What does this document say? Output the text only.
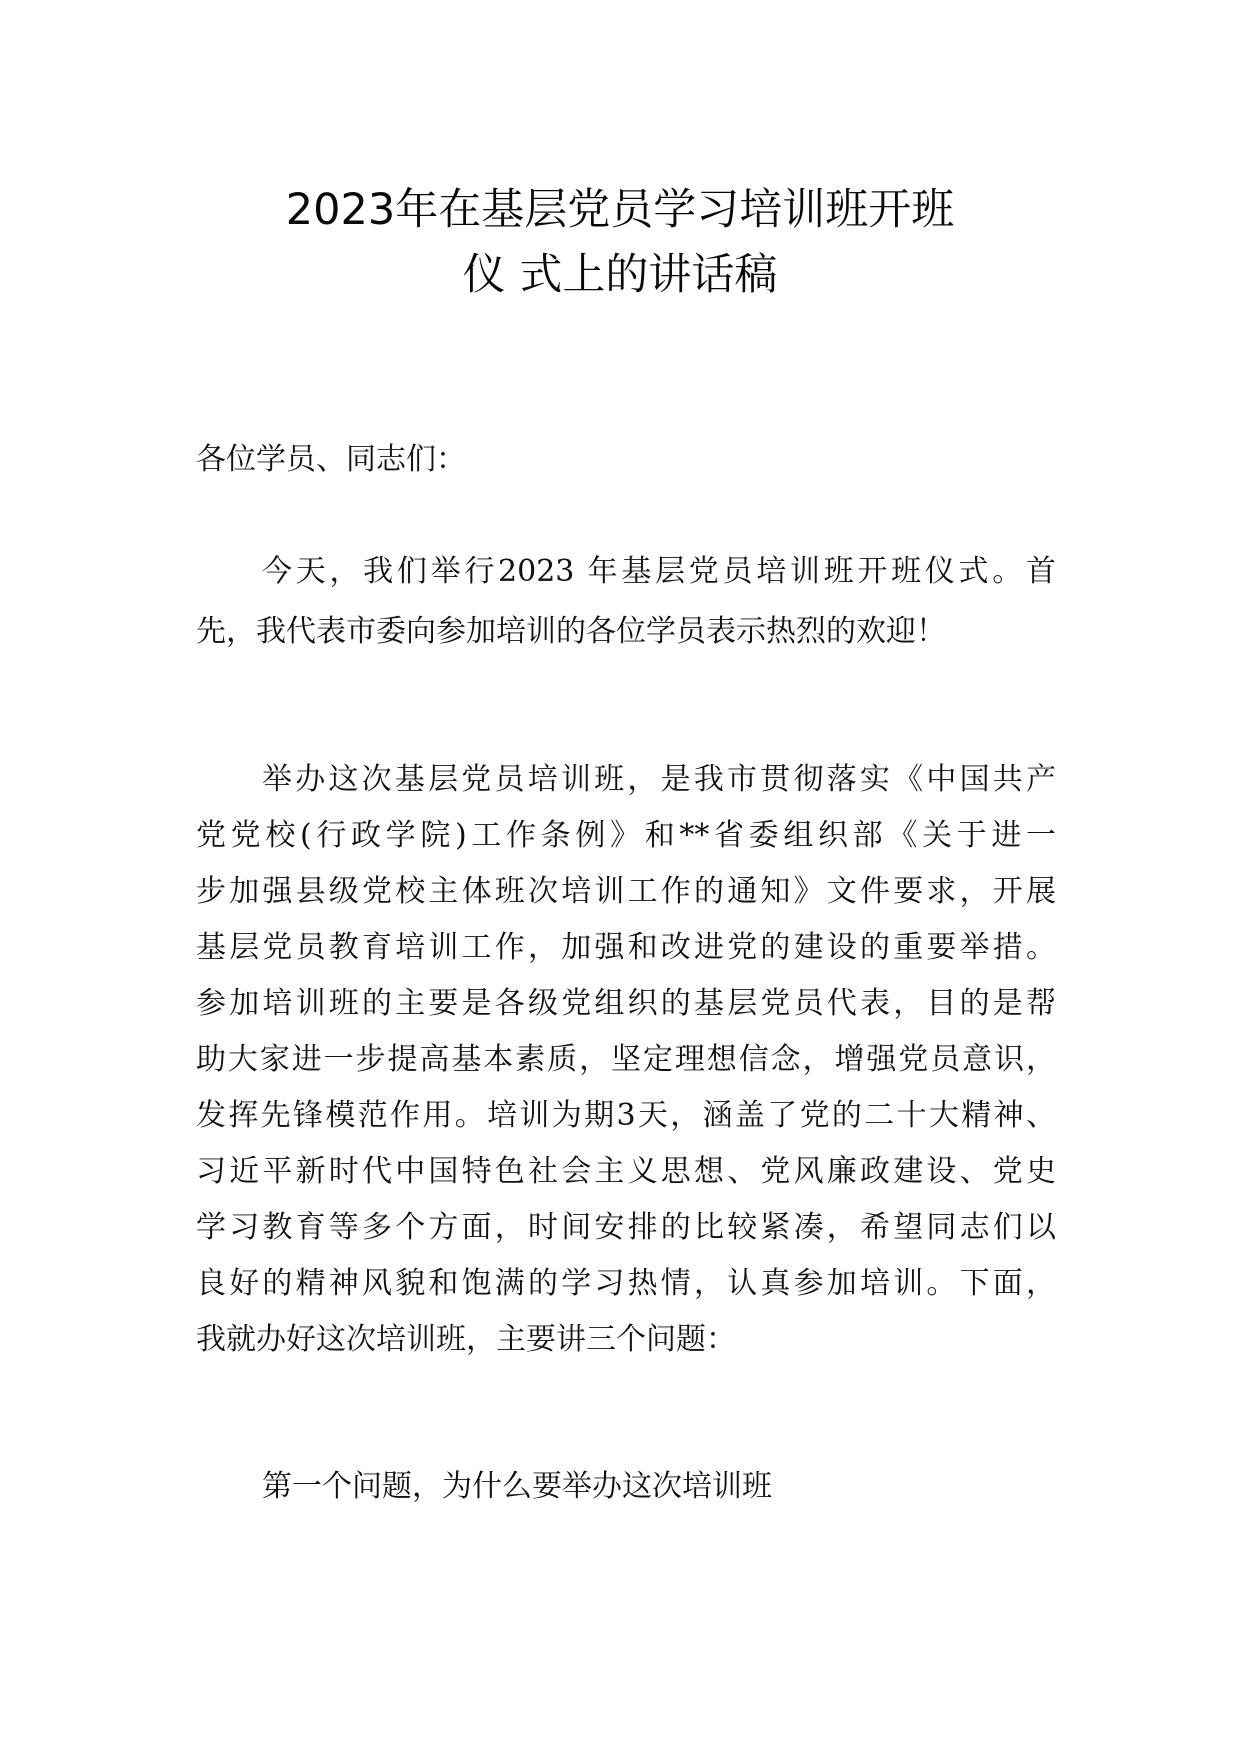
2023年在基层党员学习培训班开班
仪 式上的讲话稿
各位学员、同志们：
今天，我们举行2023 年基层党员培训班开班仪式。首
先，我代表市委向参加培训的各位学员表示热烈的欢迎！
举办这次基层党员培训班，是我市贯彻落实《中国共产
党党校(行政学院)工作条例》和**省委组织部《关于进一
步加强县级党校主体班次培训工作的通知》文件要求，开展
基层党员教育培训工作，加强和改进党的建设的重要举措。
参加培训班的主要是各级党组织的基层党员代表，目的是帮
助大家进一步提高基本素质，坚定理想信念，增强党员意识，
发挥先锋模范作用。培训为期3天，涵盖了党的二十大精神、
习近平新时代中国特色社会主义思想、党风廉政建设、党史
学习教育等多个方面，时间安排的比较紧凑，希望同志们以
良好的精神风貌和饱满的学习热情，认真参加培训。下面，
我就办好这次培训班，主要讲三个问题：
第一个问题，为什么要举办这次培训班
